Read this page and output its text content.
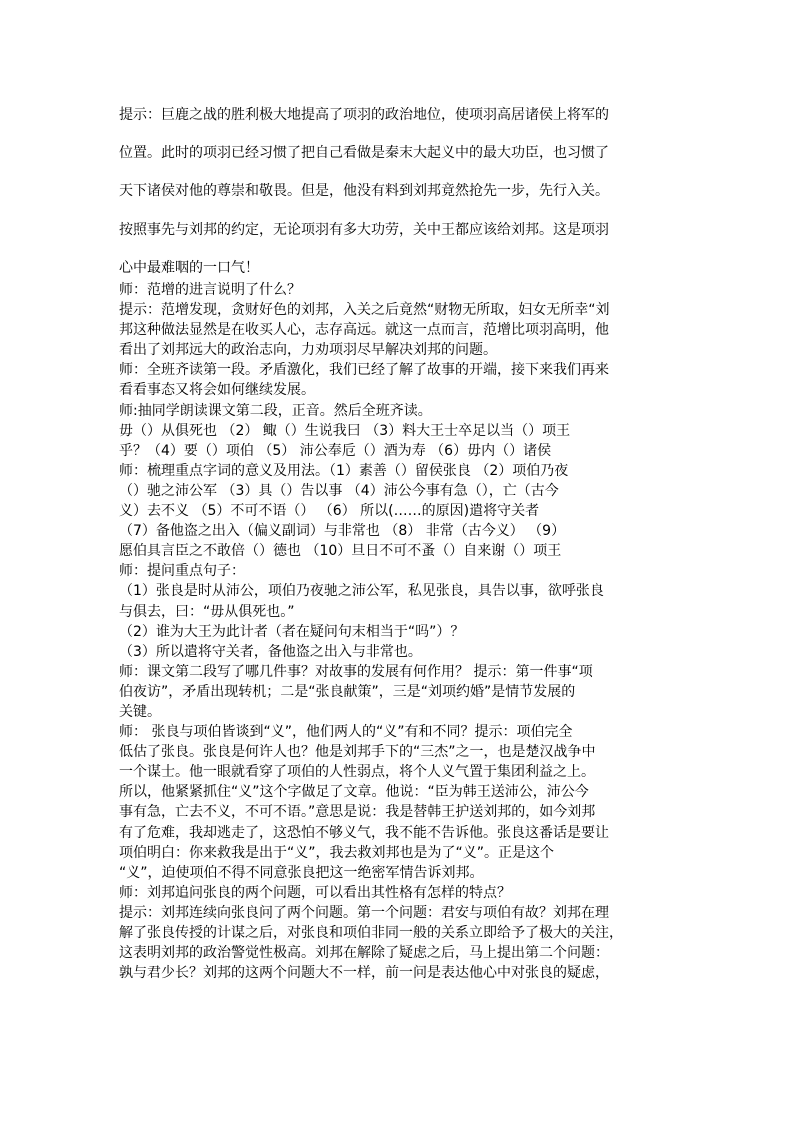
提示：巨鹿之战的胜利极大地提高了项羽的政治地位，使项羽高居诸侯上将军的
位置。此时的项羽已经习惯了把自己看做是秦末大起义中的最大功臣，也习惯了
天下诸侯对他的尊崇和敬畏。但是，他没有料到刘邦竟然抢先一步，先行入关。
按照事先与刘邦的约定，无论项羽有多大功劳，关中王都应该给刘邦。这是项羽
心中最难咽的一口气！
师：范增的进言说明了什么？
提示：范增发现，贪财好色的刘邦，入关之后竟然“财物无所取，妇女无所幸“刘
邦这种做法显然是在收买人心，志存高远。就这一点而言，范增比项羽高明，他
看出了刘邦远大的政治志向，力劝项羽尽早解决刘邦的问题。
师：全班齐读第一段。矛盾激化，我们已经了解了故事的开端，接下来我们再来
看看事态又将会如何继续发展。
师:抽同学朗读课文第二段，正音。然后全班齐读。
毋（）从俱死也 （2） 鲰（）生说我曰 （3）料大王士卒足以当（）项王
乎？（4）要（）项伯 （5） 沛公奉卮（）酒为寿 （6）毋内（）诸侯
师：梳理重点字词的意义及用法。（1）素善（）留侯张良 （2）项伯乃夜
（）驰之沛公军 （3）具（）告以事 （4）沛公今事有急（），亡（古今
义）去不义 （5）不可不语（） （6） 所以(……的原因)遣将守关者
（7）备他盗之出入（偏义副词）与非常也 （8） 非常（古今义） （9）
愿伯具言臣之不敢倍（）德也 （10）旦日不可不蚤（）自来谢（）项王
师：提问重点句子：
（1）张良是时从沛公，项伯乃夜驰之沛公军，私见张良，具告以事，欲呼张良
与俱去，曰：“毋从俱死也。”
（2）谁为大王为此计者（者在疑问句末相当于“吗”）？
（3）所以遣将守关者，备他盗之出入与非常也。
师：课文第二段写了哪几件事？对故事的发展有何作用？ 提示：第一件事“项
伯夜访”，矛盾出现转机；二是“张良献策”，三是“刘项约婚”是情节发展的
关键。
师： 张良与项伯皆谈到“义”，他们两人的“义”有和不同？提示：项伯完全
低估了张良。张良是何许人也？他是刘邦手下的“三杰”之一，也是楚汉战争中
一个谋士。他一眼就看穿了项伯的人性弱点，将个人义气置于集团利益之上。
所以，他紧紧抓住“义”这个字做足了文章。他说：“臣为韩王送沛公，沛公今
事有急，亡去不义，不可不语。”意思是说：我是替韩王护送刘邦的，如今刘邦
有了危难，我却逃走了，这恐怕不够义气，我不能不告诉他。张良这番话是要让
项伯明白：你来救我是出于“义”，我去救刘邦也是为了“义”。正是这个
“义”，迫使项伯不得不同意张良把这一绝密军情告诉刘邦。
师：刘邦追问张良的两个问题，可以看出其性格有怎样的特点？
提示：刘邦连续向张良问了两个问题。第一个问题：君安与项伯有故？刘邦在理
解了张良传授的计谋之后，对张良和项伯非同一般的关系立即给予了极大的关注，
这表明刘邦的政治警觉性极高。刘邦在解除了疑虑之后，马上提出第二个问题：
孰与君少长？刘邦的这两个问题大不一样，前一问是表达他心中对张良的疑虑，
